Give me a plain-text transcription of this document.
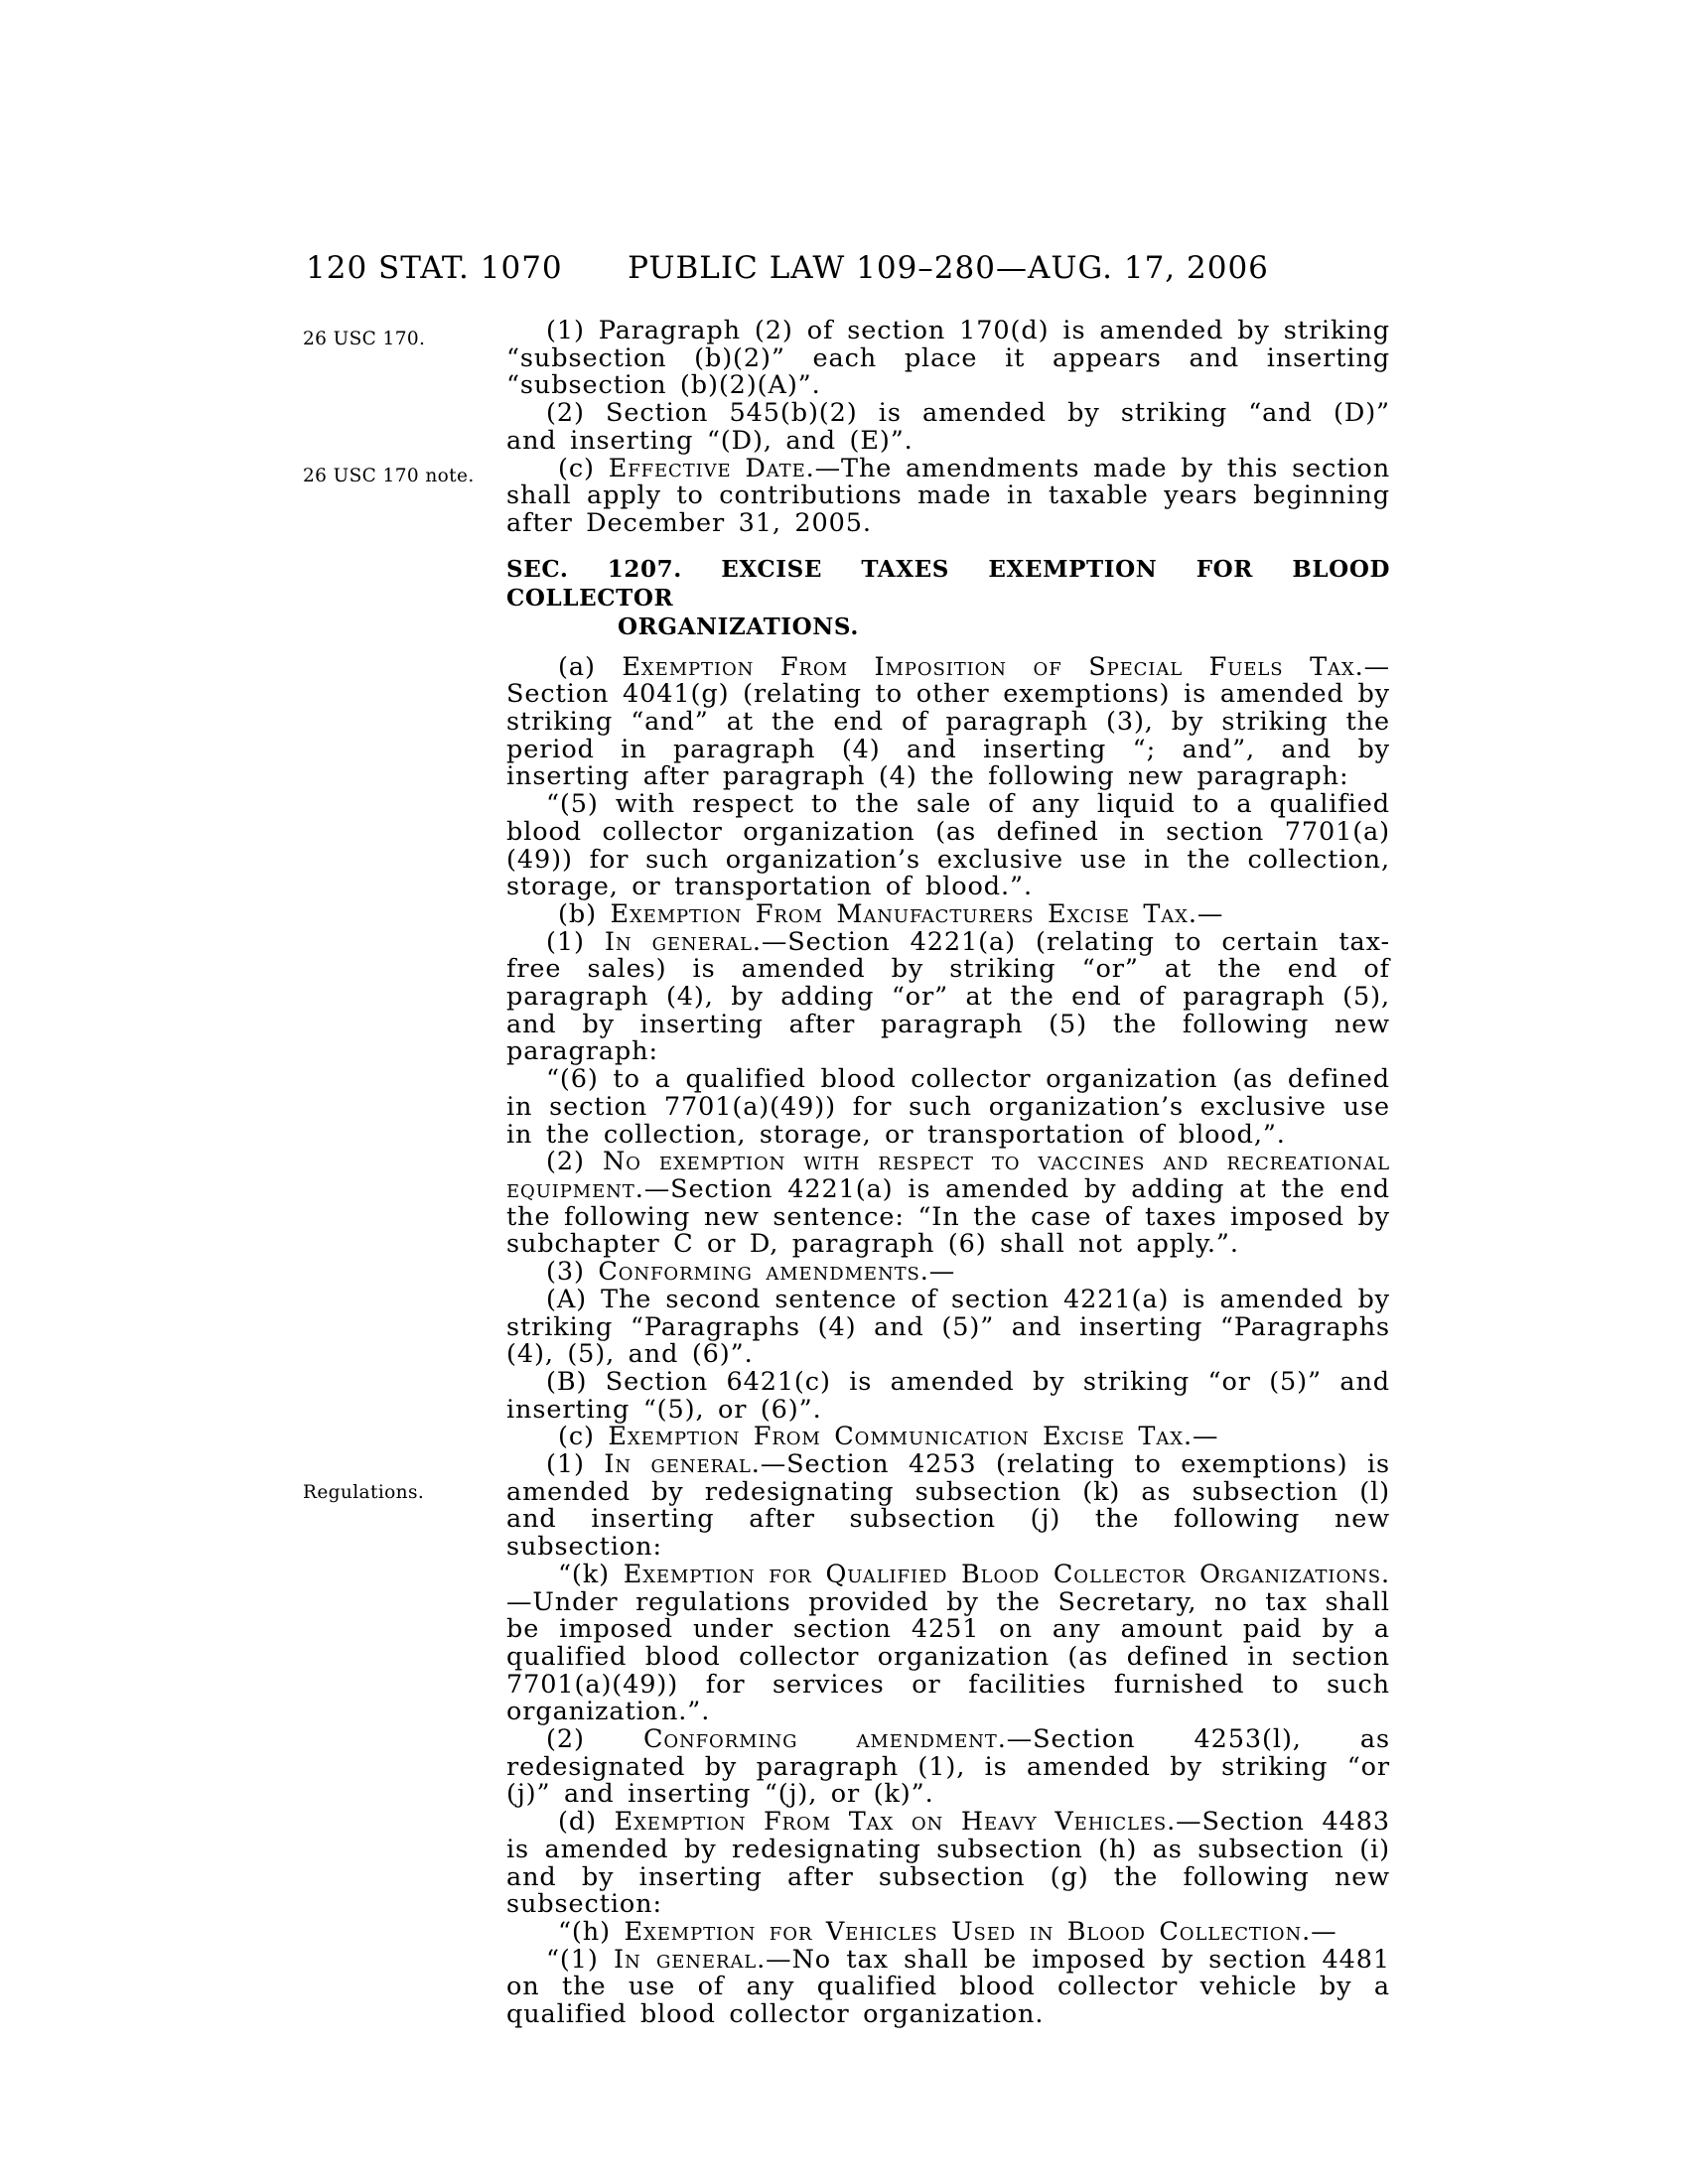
120 STAT. 1070	PUBLIC LAW 109–280—AUG. 17, 2006
26 USC 170.
26 USC 170 note.
Regulations.

(1) Paragraph (2) of section 170(d) is amended by striking “subsection (b)(2)” each place it appears and inserting “subsection (b)(2)(A)”.

(2) Section 545(b)(2) is amended by striking “and (D)” and inserting “(D), and (E)”.

(c) Effective Date.—The amendments made by this section shall apply to contributions made in taxable years beginning after December 31, 2005.

SEC. 1207. EXCISE TAXES EXEMPTION FOR BLOOD COLLECTOR
ORGANIZATIONS.

(a) Exemption From Imposition of Special Fuels Tax.—Section 4041(g) (relating to other exemptions) is amended by striking “and” at the end of paragraph (3), by striking the period in paragraph (4) and inserting “; and”, and by inserting after paragraph (4) the following new paragraph:

“(5) with respect to the sale of any liquid to a qualified blood collector organization (as defined in section 7701(a)(49)) for such organization’s exclusive use in the collection, storage, or transportation of blood.”.

(b) Exemption From Manufacturers Excise Tax.—

(1) In general.—Section 4221(a) (relating to certain tax-free sales) is amended by striking “or” at the end of paragraph (4), by adding “or” at the end of paragraph (5), and by inserting after paragraph (5) the following new paragraph:

“(6) to a qualified blood collector organization (as defined in section 7701(a)(49)) for such organization’s exclusive use in the collection, storage, or transportation of blood,”.

(2) No exemption with respect to vaccines and recreational equipment.—Section 4221(a) is amended by adding at the end the following new sentence: “In the case of taxes imposed by subchapter C or D, paragraph (6) shall not apply.”.

(3) Conforming amendments.—

(A) The second sentence of section 4221(a) is amended by striking “Paragraphs (4) and (5)” and inserting “Paragraphs (4), (5), and (6)”.

(B) Section 6421(c) is amended by striking “or (5)” and inserting “(5), or (6)”.

(c) Exemption From Communication Excise Tax.—

(1) In general.—Section 4253 (relating to exemptions) is amended by redesignating subsection (k) as subsection (l) and inserting after subsection (j) the following new subsection:

“(k) Exemption for Qualified Blood Collector Organizations.—Under regulations provided by the Secretary, no tax shall be imposed under section 4251 on any amount paid by a qualified blood collector organization (as defined in section 7701(a)(49)) for services or facilities furnished to such organization.”.

(2) Conforming amendment.—Section 4253(l), as redesignated by paragraph (1), is amended by striking “or (j)” and inserting “(j), or (k)”.

(d) Exemption From Tax on Heavy Vehicles.—Section 4483 is amended by redesignating subsection (h) as subsection (i) and by inserting after subsection (g) the following new subsection:

“(h) Exemption for Vehicles Used in Blood Collection.—

“(1) In general.—No tax shall be imposed by section 4481 on the use of any qualified blood collector vehicle by a qualified blood collector organization.
